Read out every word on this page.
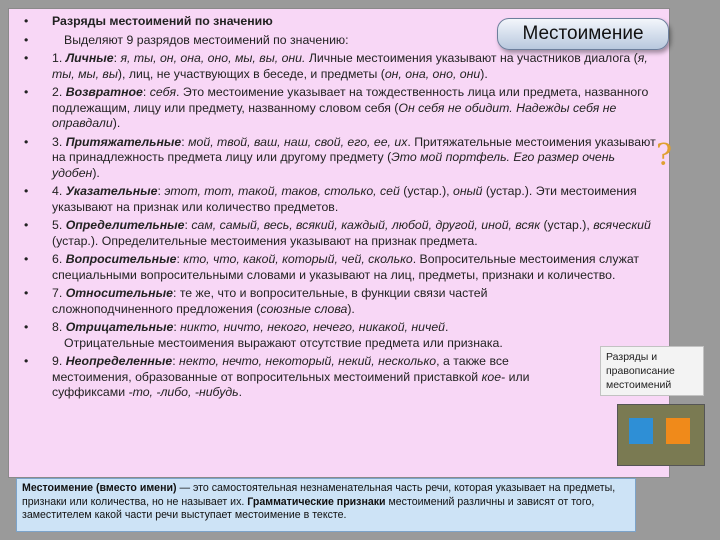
Местоимение
• Разряды местоимений по значению
•	Выделяют 9 разрядов местоимений по значению:
• 1. Личные: я, ты, он, она, оно, мы, вы, они. Личные местоимения указывают на участников диалога (я, ты, мы, вы), лиц, не участвующих в беседе, и предметы (он, она, оно, они).
• 2. Возвратное: себя. Это местоимение указывает на тождественность лица или предмета, названного подлежащим, лицу или предмету, названному словом себя (Он себя не обидит. Надежды себя не оправдали).
• 3. Притяжательные: мой, твой, ваш, наш, свой, его, ее, их. Притяжательные местоимения указывают на принадлежность предмета лицу или другому предмету (Это мой портфель. Его размер очень удобен).
• 4. Указательные: этот, тот, такой, таков, столько, сей (устар.), оный (устар.). Эти местоимения указывают на признак или количество предметов.
• 5. Определительные: сам, самый, весь, всякий, каждый, любой, другой, иной, всяк (устар.), всяческий (устар.). Определительные местоимения указывают на признак предмета.
• 6. Вопросительные: кто, что, какой, который, чей, сколько. Вопросительные местоимения служат специальными вопросительными словами и указывают на лиц, предметы, признаки и количество.
• 7. Относительные: те же, что и вопросительные, в функции связи частей сложноподчиненного предложения (союзные слова).
• 8. Отрицательные: никто, ничто, некого, нечего, никакой, ничей.
Отрицательные местоимения выражают отсутствие предмета или признака.
• 9. Неопределенные: некто, нечто, некоторый, некий, несколько, а также все местоимения, образованные от вопросительных местоимений приставкой кое- или суффиксами -то, -либо, -нибудь.
?
Разряды и правописание местоимений
Местоимение (вместо имени) — это самостоятельная незнаменательная часть речи, которая указывает на предметы, признаки или количества, но не называет их. Грамматические признаки местоимений различны и зависят от того, заместителем какой части речи выступает местоимение в тексте.
